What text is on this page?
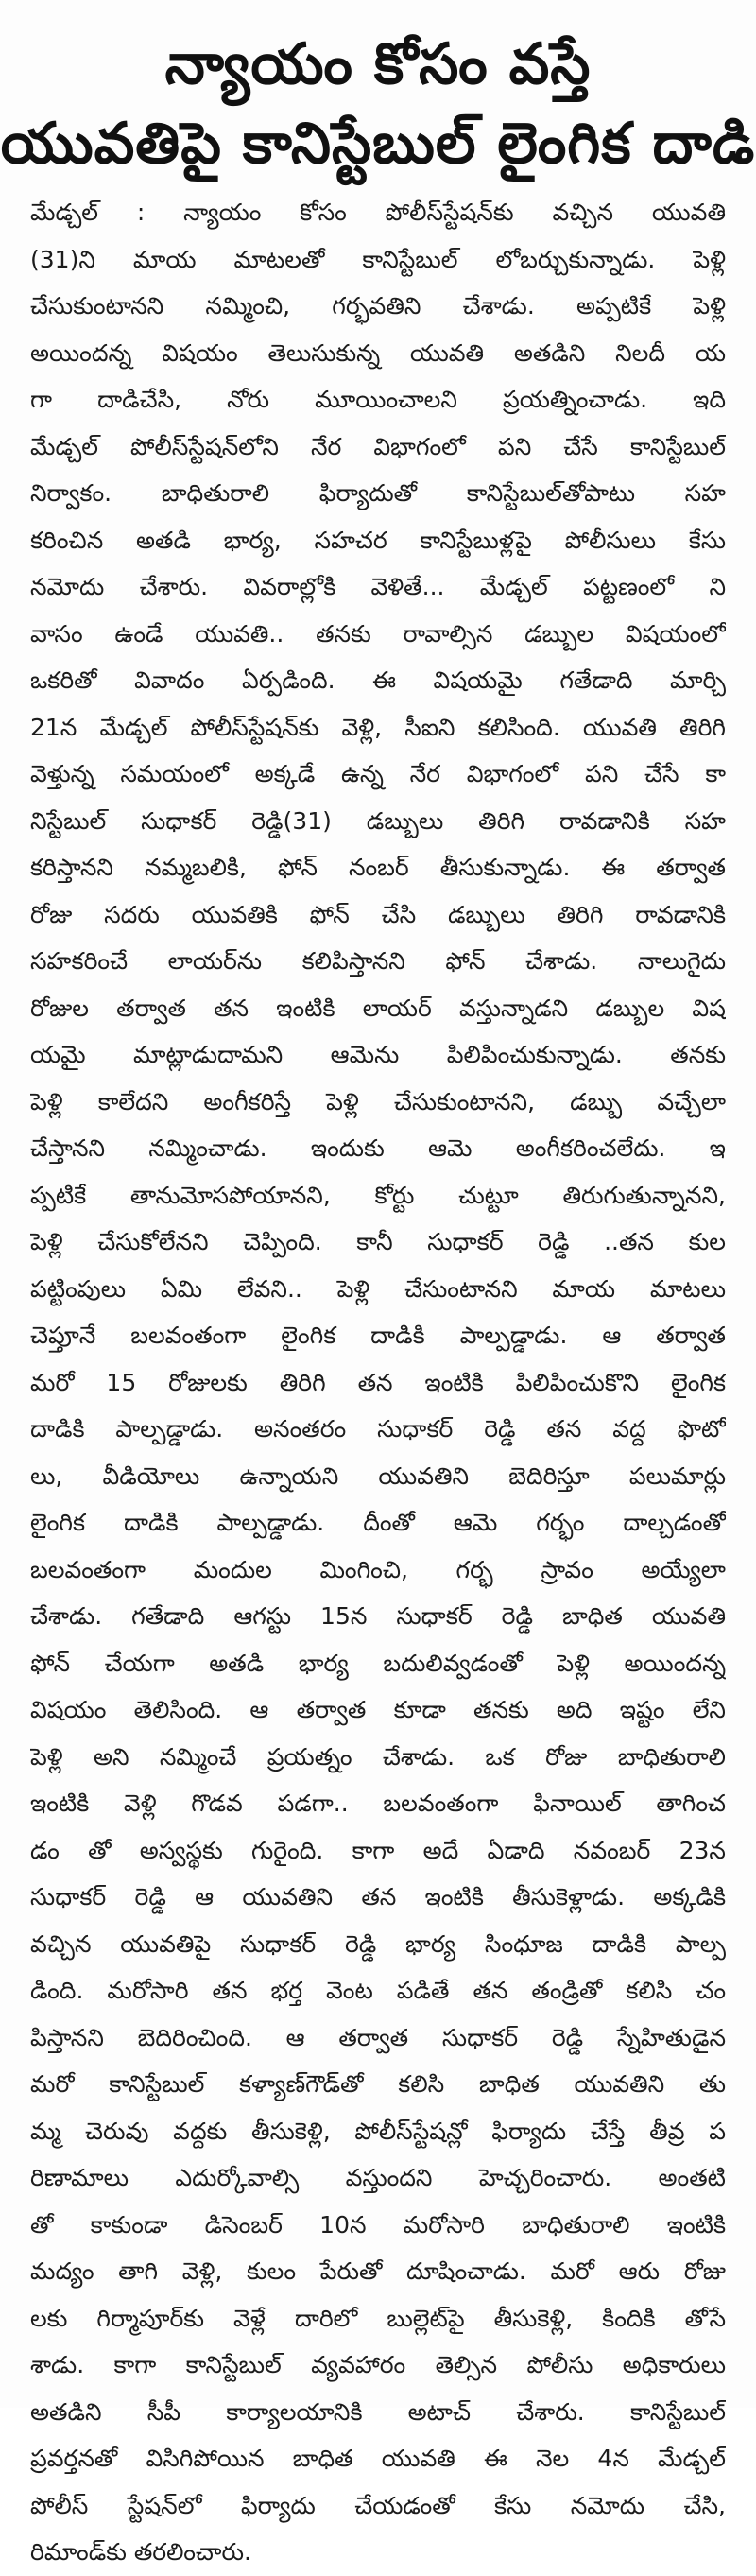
న్యాయం కోసం వస్తే
యువతిపై కానిస్టేబుల్ లైంగిక దాడి
మేడ్చల్ : న్యాయం కోసం పోలీస్‌స్టేషన్‌కు వచ్చిన యువతి
(31)ని మాయ మాటలతో కానిస్టేబుల్ లోబర్చుకున్నాడు. పెళ్లి
చేసుకుంటానని నమ్మించి, గర్భవతిని చేశాడు. అప్పటికే పెళ్లి
అయిందన్న విషయం తెలుసుకున్న యువతి అతడిని నిలదీ య
గా దాడిచేసి, నోరు మూయించాలని ప్రయత్నించాడు. ఇది
మేడ్చల్ పోలీస్‌స్టేషన్‌లోని నేర విభాగంలో పని చేసే కానిస్టేబుల్
నిర్వాకం. బాధితురాలి ఫిర్యాదుతో కానిస్టేబుల్‌తోపాటు సహ
కరించిన అతడి భార్య, సహచర కానిస్టేబుళ్లపై పోలీసులు కేసు
నమోదు చేశారు. వివరాల్లోకి వెళితే... మేడ్చల్ పట్టణంలో ని
వాసం ఉండే యువతి.. తనకు రావాల్సిన డబ్బుల విషయంలో
ఒకరితో వివాదం ఏర్పడింది. ఈ విషయమై గతేడాది మార్చి
21న మేడ్చల్ పోలీస్‌స్టేషన్‌కు వెళ్లి, సీఐని కలిసింది. యువతి తిరిగి
వెళ్తున్న సమయంలో అక్కడే ఉన్న నేర విభాగంలో పని చేసే కా
నిస్టేబుల్ సుధాకర్ రెడ్డి(31) డబ్బులు తిరిగి రావడానికి సహ
కరిస్తానని నమ్మబలికి, ఫోన్ నంబర్ తీసుకున్నాడు. ఈ తర్వాత
రోజు సదరు యువతికి ఫోన్ చేసి డబ్బులు తిరిగి రావడానికి
సహకరించే లాయర్‌ను కలిపిస్తానని ఫోన్ చేశాడు. నాలుగైదు
రోజుల తర్వాత తన ఇంటికి లాయర్ వస్తున్నాడని డబ్బుల విష
యమై మాట్లాడుదామని ఆమెను పిలిపించుకున్నాడు. తనకు
పెళ్లి కాలేదని అంగీకరిస్తే పెళ్లి చేసుకుంటానని, డబ్బు వచ్చేలా
చేస్తానని నమ్మించాడు. ఇందుకు ఆమె అంగీకరించలేదు. ఇ
ప్పటికే తానుమోసపోయానని, కోర్టు చుట్టూ తిరుగుతున్నానని,
పెళ్లి చేసుకోలేనని చెప్పింది. కానీ సుధాకర్ రెడ్డి ..తన కుల
పట్టింపులు ఏమి లేవని.. పెళ్లి చేసుంటానని మాయ మాటలు
చెప్తూనే బలవంతంగా లైంగిక దాడికి పాల్పడ్డాడు. ఆ తర్వాత
మరో 15 రోజులకు తిరిగి తన ఇంటికి పిలిపించుకొని లైంగిక
దాడికి పాల్పడ్డాడు. అనంతరం సుధాకర్ రెడ్డి తన వద్ద ఫొటో
లు, వీడియోలు ఉన్నాయని యువతిని బెదిరిస్తూ పలుమార్లు
లైంగిక దాడికి పాల్పడ్డాడు. దీంతో ఆమె గర్భం దాల్చడంతో
బలవంతంగా మందుల మింగించి, గర్భ స్రావం అయ్యేలా
చేశాడు. గతేడాది ఆగస్టు 15న సుధాకర్ రెడ్డి బాధిత యువతి
ఫోన్ చేయగా అతడి భార్య బదులివ్వడంతో పెళ్లి అయిందన్న
విషయం తెలిసింది. ఆ తర్వాత కూడా తనకు అది ఇష్టం లేని
పెళ్లి అని నమ్మించే ప్రయత్నం చేశాడు. ఒక రోజు బాధితురాలి
ఇంటికి వెళ్లి గొడవ పడగా.. బలవంతంగా ఫినాయిల్ తాగించ
డం తో అస్వస్థకు గురైంది. కాగా అదే ఏడాది నవంబర్ 23న
సుధాకర్ రెడ్డి ఆ యువతిని తన ఇంటికి తీసుకెళ్లాడు. అక్కడికి
వచ్చిన యువతిపై సుధాకర్ రెడ్డి భార్య సింధూజ దాడికి పాల్ప
డింది. మరోసారి తన భర్త వెంట పడితే తన తండ్రితో కలిసి చం
పిస్తానని బెదిరించింది. ఆ తర్వాత సుధాకర్ రెడ్డి స్నేహితుడైన
మరో కానిస్టేబుల్ కళ్యాణ్‌గౌడ్‌తో కలిసి బాధిత యువతిని తు
మ్మ చెరువు వద్దకు తీసుకెళ్లి, పోలీస్‌స్టేషన్లో ఫిర్యాదు చేస్తే తీవ్ర ప
రిణామాలు ఎదుర్కోవాల్సి వస్తుందని హెచ్చరించారు. అంతటి
తో కాకుండా డిసెంబర్ 10న మరోసారి బాధితురాలి ఇంటికి
మద్యం తాగి వెళ్లి, కులం పేరుతో దూషించాడు. మరో ఆరు రోజు
లకు గిర్మాపూర్‌కు వెళ్లే దారిలో బుల్లెట్‌పై తీసుకెళ్లి, కిందికి తోసే
శాడు. కాగా కానిస్టేబుల్ వ్యవహారం తెల్సిన పోలీసు అధికారులు
అతడిని సీపీ కార్యాలయానికి అటాచ్ చేశారు. కానిస్టేబుల్
ప్రవర్తనతో విసిగిపోయిన బాధిత యువతి ఈ నెల 4న మేడ్చల్
పోలీస్ స్టేషన్‌లో ఫిర్యాదు చేయడంతో కేసు నమోదు చేసి,
రిమాండ్‌కు తరలించారు.
